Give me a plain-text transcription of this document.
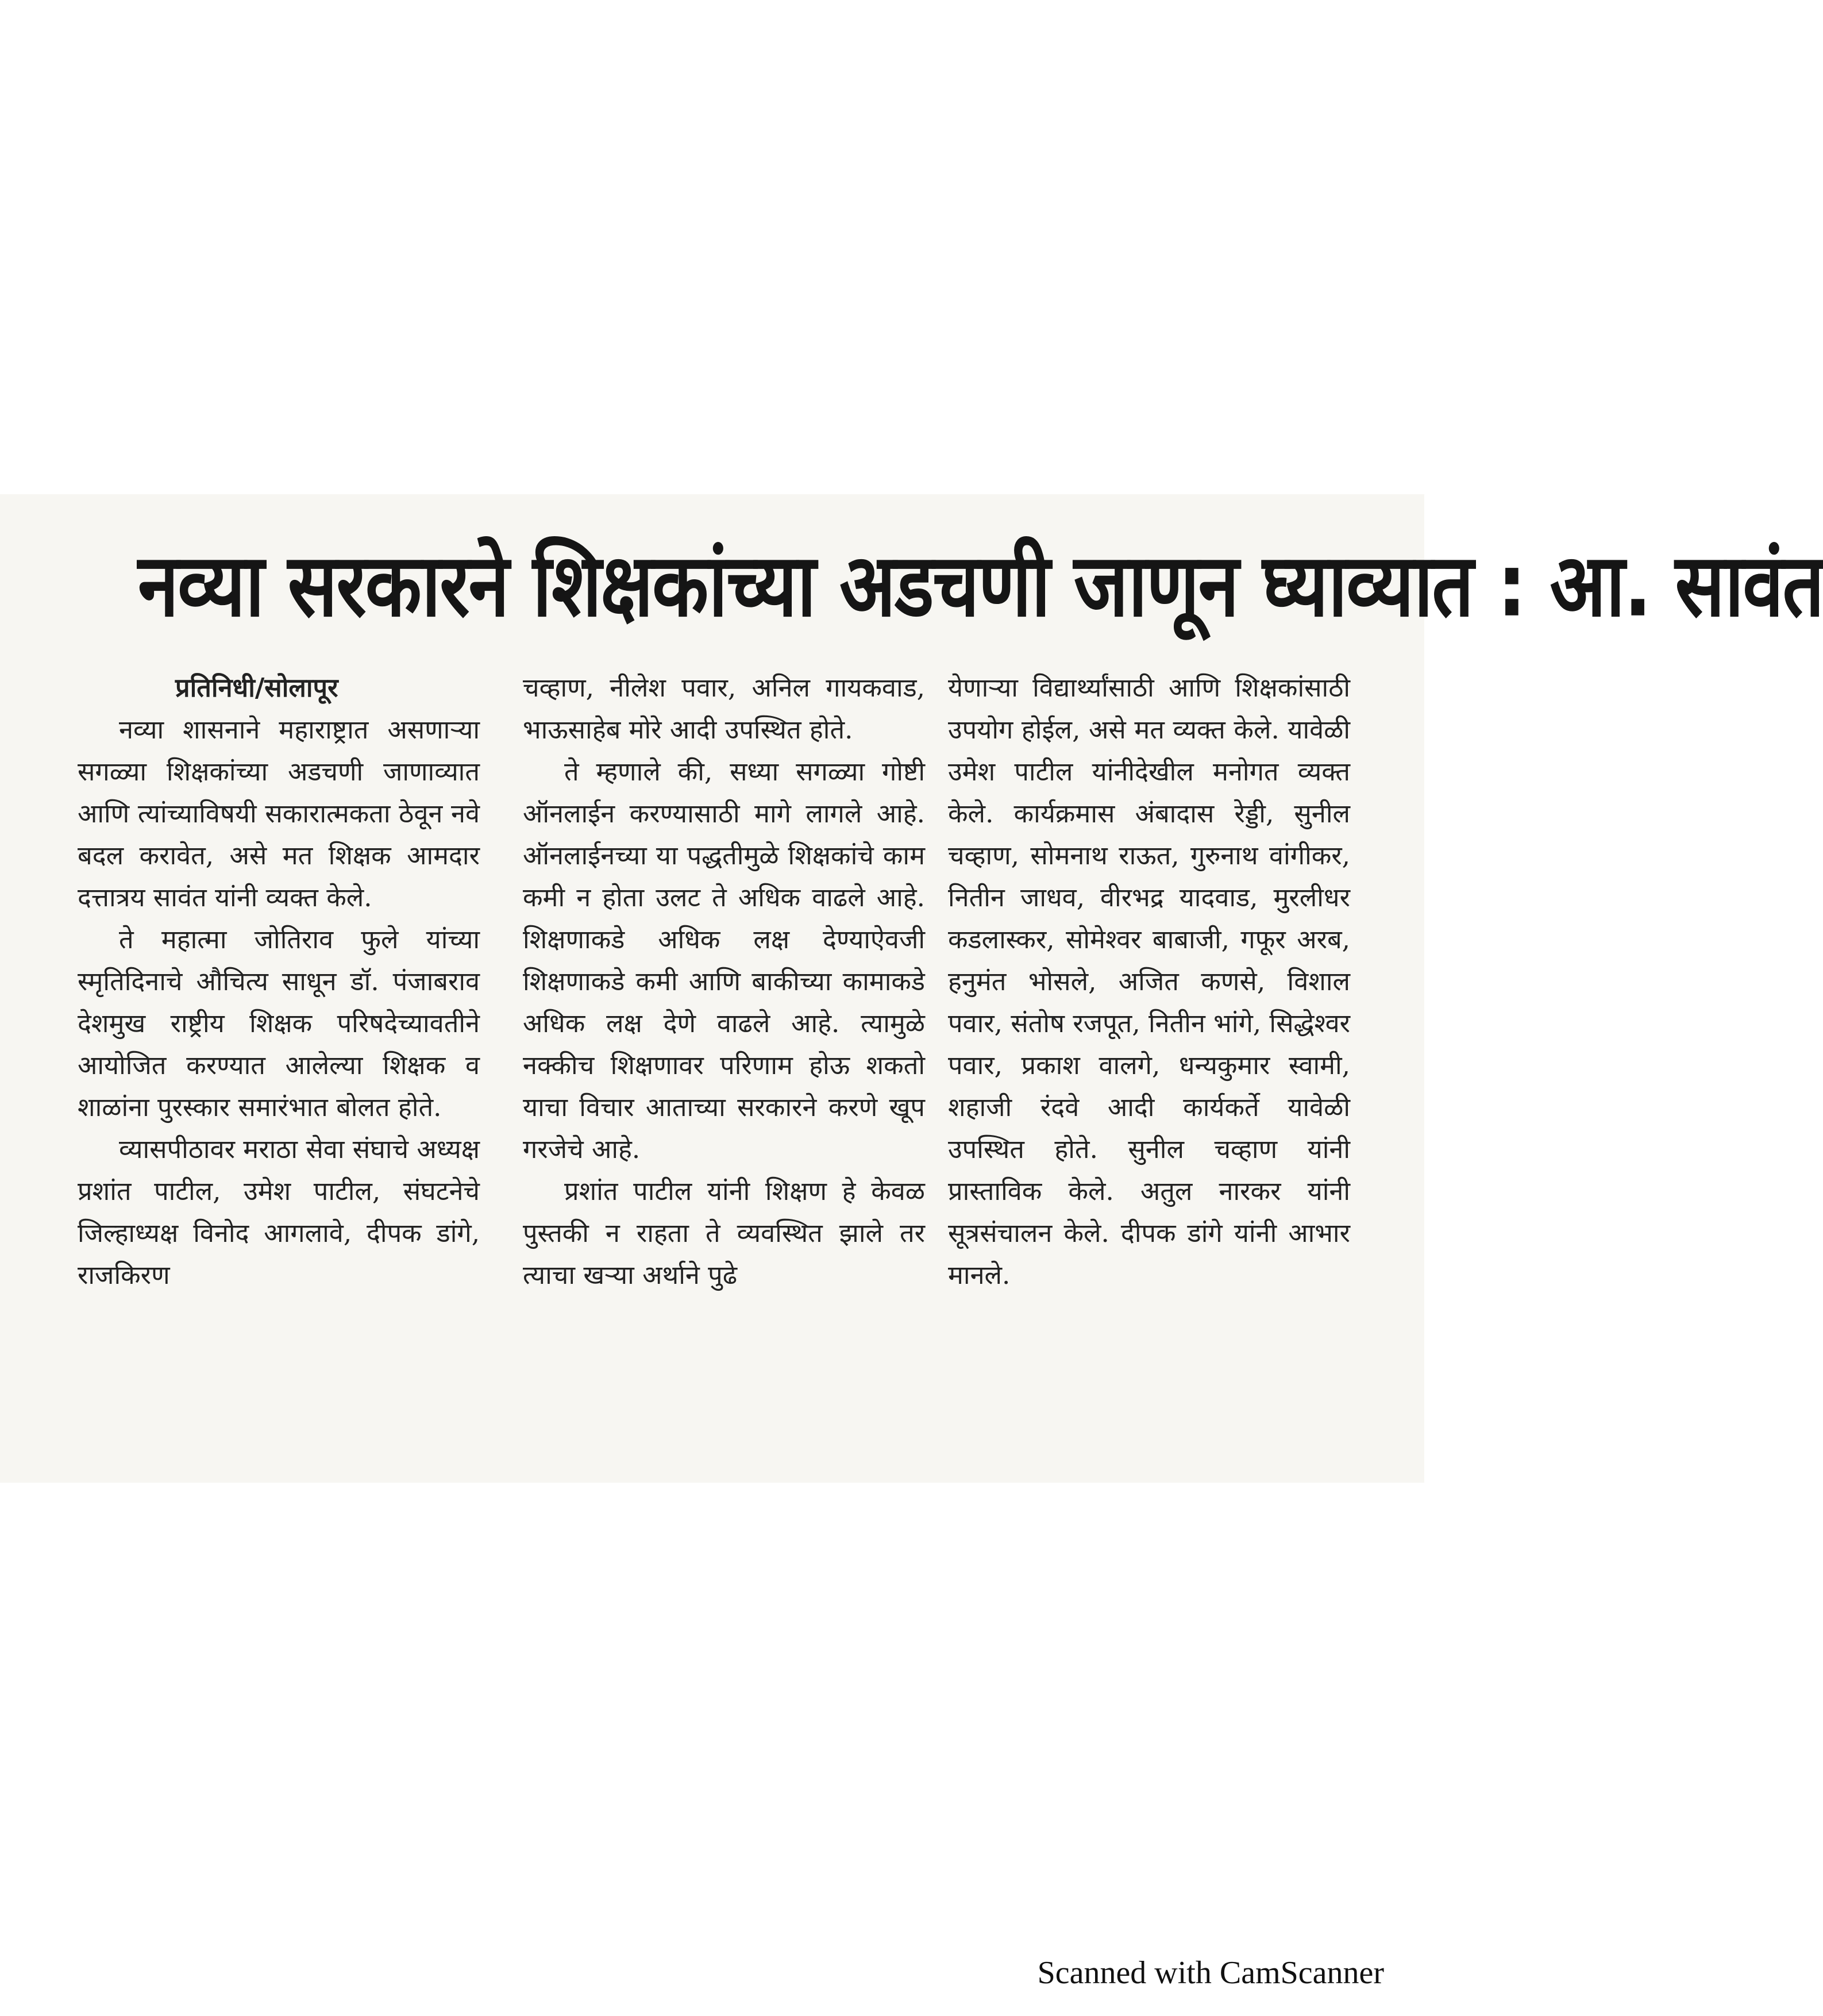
नव्या सरकारने शिक्षकांच्या अडचणी जाणून घ्याव्यात : आ. सावंत
प्रतिनिधी/सोलापूर

नव्या शासनाने महाराष्ट्रात असणाऱ्या सगळ्या शिक्षकांच्या अडचणी जाणाव्यात आणि त्यांच्याविषयी सकारात्मकता ठेवून नवे बदल करावेत, असे मत शिक्षक आमदार दत्तात्रय सावंत यांनी व्यक्त केले.

ते महात्मा जोतिराव फुले यांच्या स्मृतिदिनाचे औचित्य साधून डॉ. पंजाबराव देशमुख राष्ट्रीय शिक्षक परिषदेच्यावतीने आयोजित करण्यात आलेल्या शिक्षक व शाळांना पुरस्कार समारंभात बोलत होते.

व्यासपीठावर मराठा सेवा संघाचे अध्यक्ष प्रशांत पाटील, उमेश पाटील, संघटनेचे जिल्हाध्यक्ष विनोद आगलावे, दीपक डांगे, राजकिरण

चव्हाण, नीलेश पवार, अनिल गायकवाड, भाऊसाहेब मोरे आदी उपस्थित होते.

ते म्हणाले की, सध्या सगळ्या गोष्टी ऑनलाईन करण्यासाठी मागे लागले आहे. ऑनलाईनच्या या पद्धतीमुळे शिक्षकांचे काम कमी न होता उलट ते अधिक वाढले आहे. शिक्षणाकडे अधिक लक्ष देण्याऐवजी शिक्षणाकडे कमी आणि बाकीच्या कामाकडे अधिक लक्ष देणे वाढले आहे. त्यामुळे नक्कीच शिक्षणावर परिणाम होऊ शकतो याचा विचार आताच्या सरकारने करणे खूप गरजेचे आहे.

प्रशांत पाटील यांनी शिक्षण हे केवळ पुस्तकी न राहता ते व्यवस्थित झाले तर त्याचा खऱ्या अर्थाने पुढे

येणाऱ्या विद्यार्थ्यांसाठी आणि शिक्षकांसाठी उपयोग होईल, असे मत व्यक्त केले. यावेळी उमेश पाटील यांनीदेखील मनोगत व्यक्त केले. कार्यक्रमास अंबादास रेड्डी, सुनील चव्हाण, सोमनाथ राऊत, गुरुनाथ वांगीकर, नितीन जाधव, वीरभद्र यादवाड, मुरलीधर कडलास्कर, सोमेश्वर बाबाजी, गफूर अरब, हनुमंत भोसले, अजित कणसे, विशाल पवार, संतोष रजपूत, नितीन भांगे, सिद्धेश्वर पवार, प्रकाश वालगे, धन्यकुमार स्वामी, शहाजी रंदवे आदी कार्यकर्ते यावेळी उपस्थित होते. सुनील चव्हाण यांनी प्रास्ताविक केले. अतुल नारकर यांनी सूत्रसंचालन केले. दीपक डांगे यांनी आभार मानले.

Scanned with CamScanner
